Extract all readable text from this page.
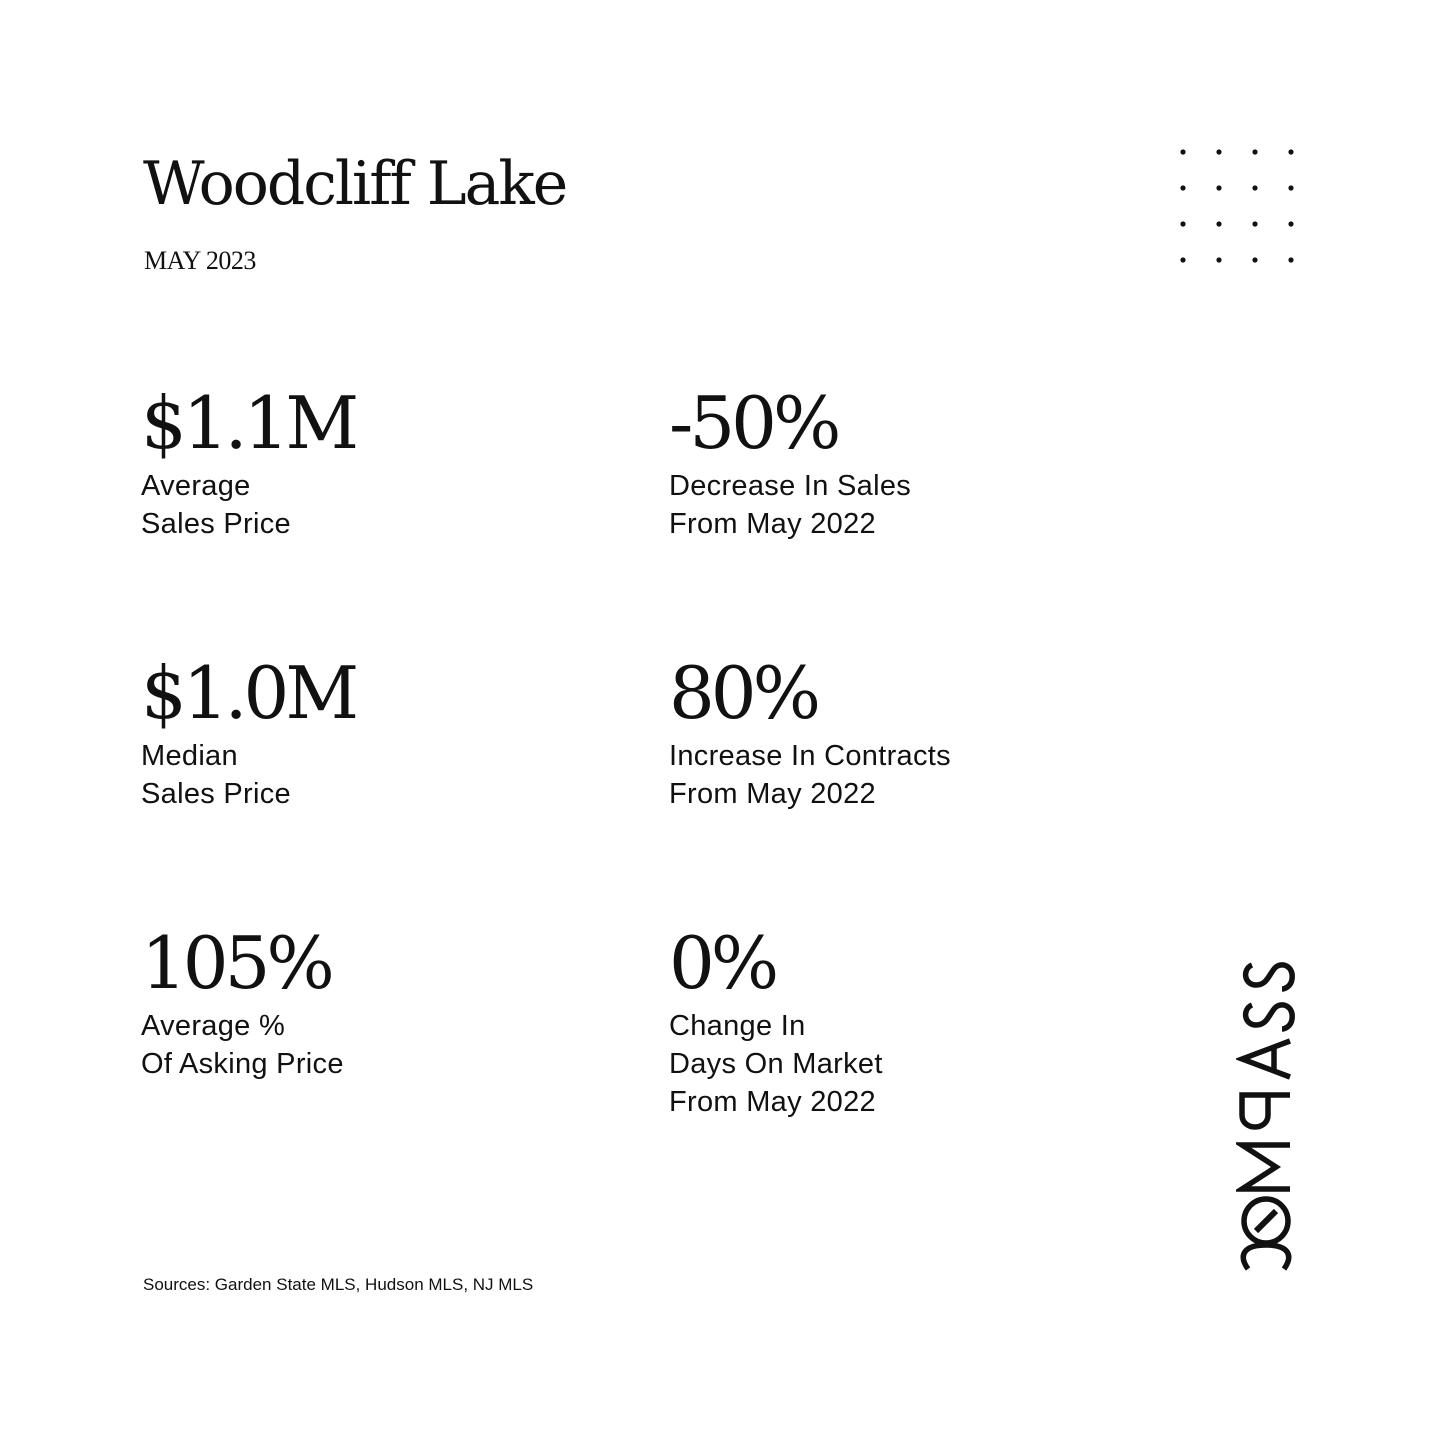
Woodcliff Lake
MAY 2023
$1.1M
Average
Sales Price
-50%
Decrease In Sales
From May 2022
$1.0M
Median
Sales Price
80%
Increase In Contracts
From May 2022
105%
Average %
Of Asking Price
0%
Change In
Days On Market
From May 2022
Sources: Garden State MLS, Hudson MLS, NJ MLS
